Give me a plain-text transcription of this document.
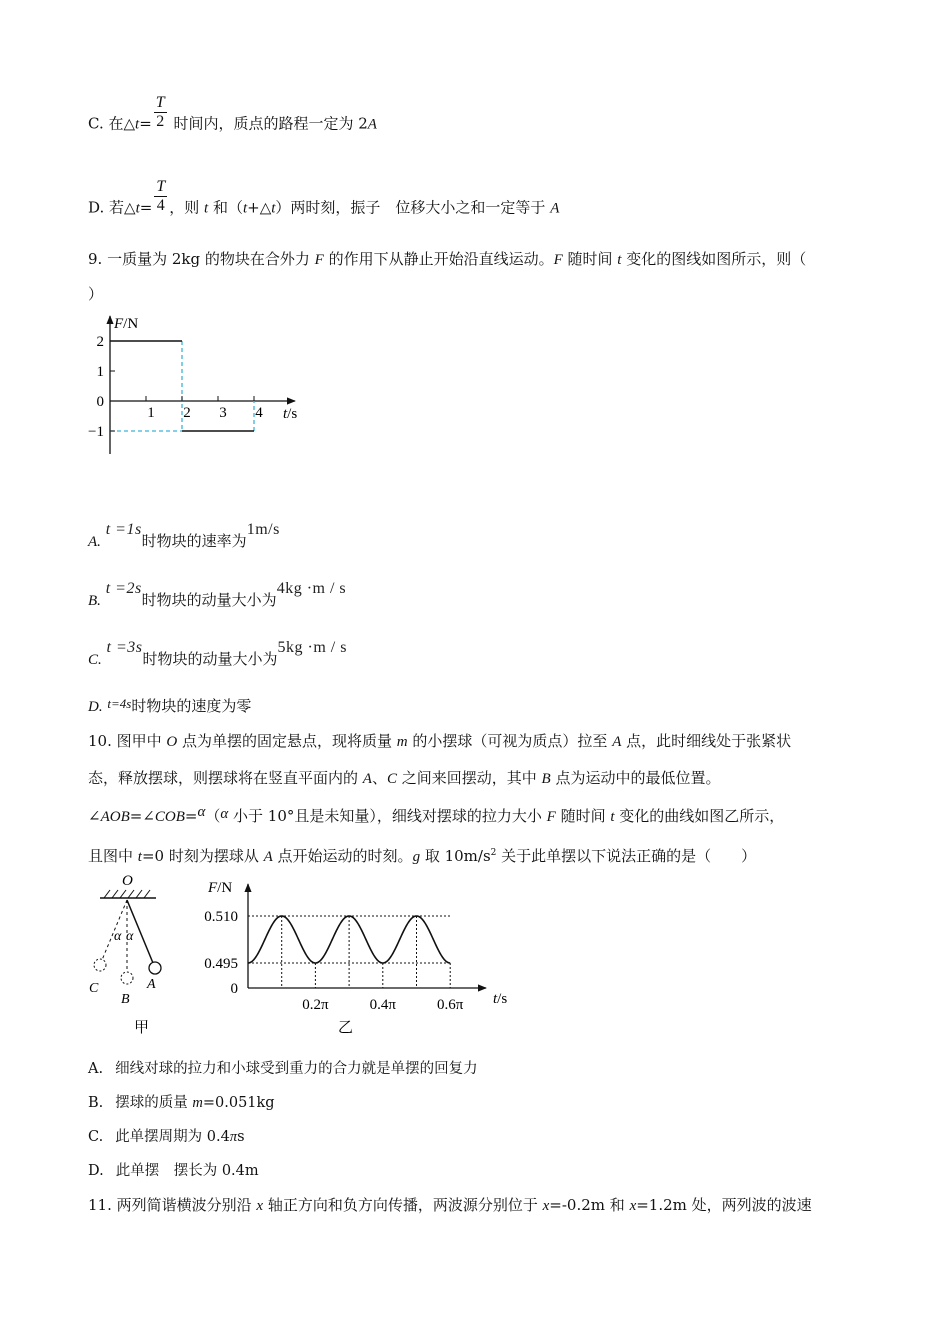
C. 在△t= $\frac{T}{2}$ 时间内，质点的路程一定为 2A
D. 若△t= $\frac{T}{4}$ ，则 t 和（t+△t）两时刻，振子　位移大小之和一定等于 A
9. 一质量为 2kg 的物块在合外力 F 的作用下从静止开始沿直线运动。F 随时间 t 变化的图线如图所示，则（
）
1 2 3 4
2
1
0
−1
F/N
t/s
A. t =1s时物块的速率为1m/s
B. t =2s时物块的动量大小为4kg ·m / s
C. t =3s时物块的动量大小为5kg ·m / s
D. t=4s时物块的速度为零
10. 图甲中 O 点为单摆的固定悬点，现将质量 m 的小摆球（可视为质点）拉至 A 点，此时细线处于张紧状
态，释放摆球，则摆球将在竖直平面内的 A、C 之间来回摆动，其中 B 点为运动中的最低位置。
∠AOB=∠COB=α（α 小于 10°且是未知量），细线对摆球的拉力大小 F 随时间 t 变化的曲线如图乙所示，
且图中 t=0 时刻为摆球从 A 点开始运动的时刻。g 取 $10m/s^2$ 关于此单摆以下说法正确的是（　　）
O
α α
C
B
A
甲
F/N
0.2π	0.4π	0.6π
0.510
0.495
0
t/s
乙
A. 细线对球的拉力和小球受到重力的合力就是单摆的回复力
B. 摆球的质量 m=0.051kg
C. 此单摆周期为 0.4πs
D. 此单摆　摆长为 0.4m
11. 两列简谐横波分别沿 x 轴正方向和负方向传播，两波源分别位于 x=-0.2m 和 x=1.2m 处，两列波的波速
